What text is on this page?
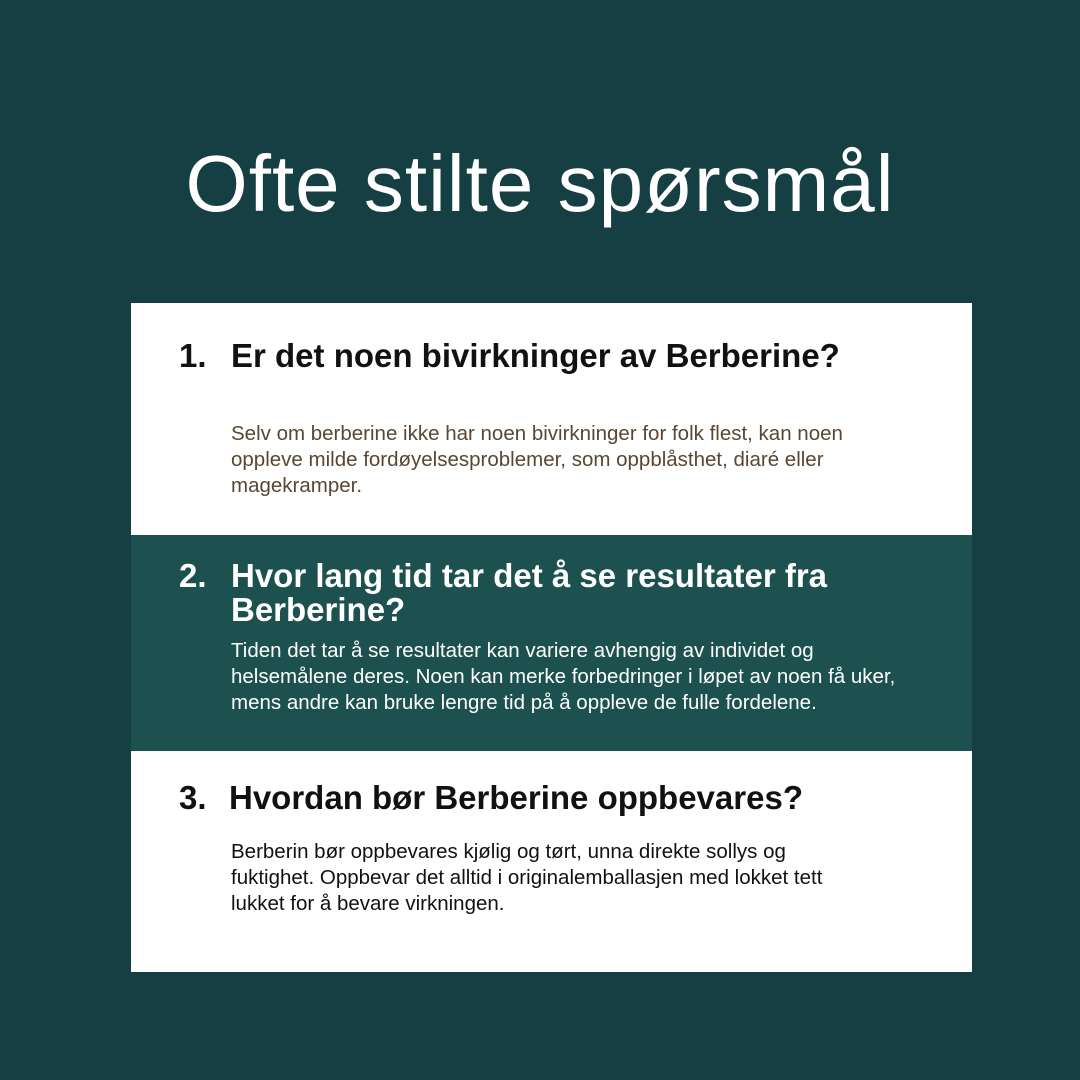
Ofte stilte spørsmål
1. Er det noen bivirkninger av Berberine?
Selv om berberine ikke har noen bivirkninger for folk flest, kan noen oppleve milde fordøyelsesproblemer, som oppblåsthet, diaré eller magekramper.
2. Hvor lang tid tar det å se resultater fra Berberine?
Tiden det tar å se resultater kan variere avhengig av individet og helsemålene deres. Noen kan merke forbedringer i løpet av noen få uker, mens andre kan bruke lengre tid på å oppleve de fulle fordelene.
3. Hvordan bør Berberine oppbevares?
Berberin bør oppbevares kjølig og tørt, unna direkte sollys og fuktighet. Oppbevar det alltid i originalemballasjen med lokket tett lukket for å bevare virkningen.
